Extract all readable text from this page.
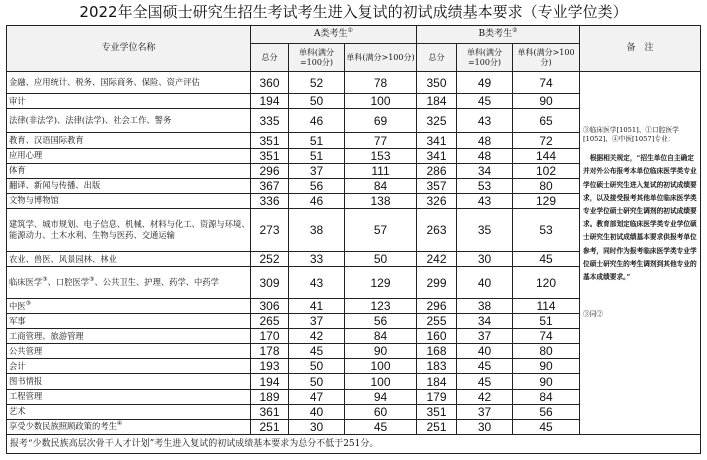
2022年全国硕士研究生招生考试考生进入复试的初试成绩基本要求（专业学位类）
专业学位名称	A类考生①			B类考生②			备　注
	总分	单科(满分=100分)	单科(满分>100分)	总分	单科(满分=100分)	单科(满分>100分)	
金融、应用统计、税务、国际商务、保险、资产评估	360	52	78	350	49	74	③临床医学[1051]、①口腔医学[1052]、④中医[1057]专业：
根据相关规定，“招生单位自主确定并对外公布报考本单位临床医学类专业学位硕士研究生进入复试的初试成绩要求，以及接受报考其他单位临床医学类专业学位硕士研究生调剂的初试成绩要求。教育部划定临床医学类专业学位硕士研究生初试成绩基本要求供报考单位参考，同时作为报考临床医学类专业学位硕士研究生的考生调剂到其他专业的基本成绩要求。”
③同②

审计	194	50	100	184	45	90	
法律(非法学)、法律(法学)、社会工作、警务	335	46	69	325	43	65	
教育、汉语国际教育	351	51	77	341	48	72	
应用心理	351	51	153	341	48	144	
体育	296	37	111	286	34	102	
翻译、新闻与传播、出版	367	56	84	357	53	80	
文物与博物馆	336	46	138	326	43	129	
建筑学、城市规划、电子信息、机械、材料与化工、资源与环境、能源动力、土木水利、生物与医药、交通运输	273	38	57	263	35	53	
农业、兽医、风景园林、林业	252	33	50	242	30	45	
临床医学③、口腔医学③、公共卫生、护理、药学、中药学	309	43	129	299	40	120	
中医③	306	41	123	296	38	114	
军事	265	37	56	255	34	51	
工商管理、旅游管理	170	42	84	160	37	74	
公共管理	178	45	90	168	40	80	
会计	193	50	100	183	45	90	
图书情报	194	50	100	184	45	90	
工程管理	189	47	94	179	42	84	
艺术	361	40	60	351	37	56	
享受少数民族照顾政策的考生④	251	30	45	251	30	45	
报考“少数民族高层次骨干人才计划”考生进入复试的初试成绩基本要求为总分不低于251分。							
